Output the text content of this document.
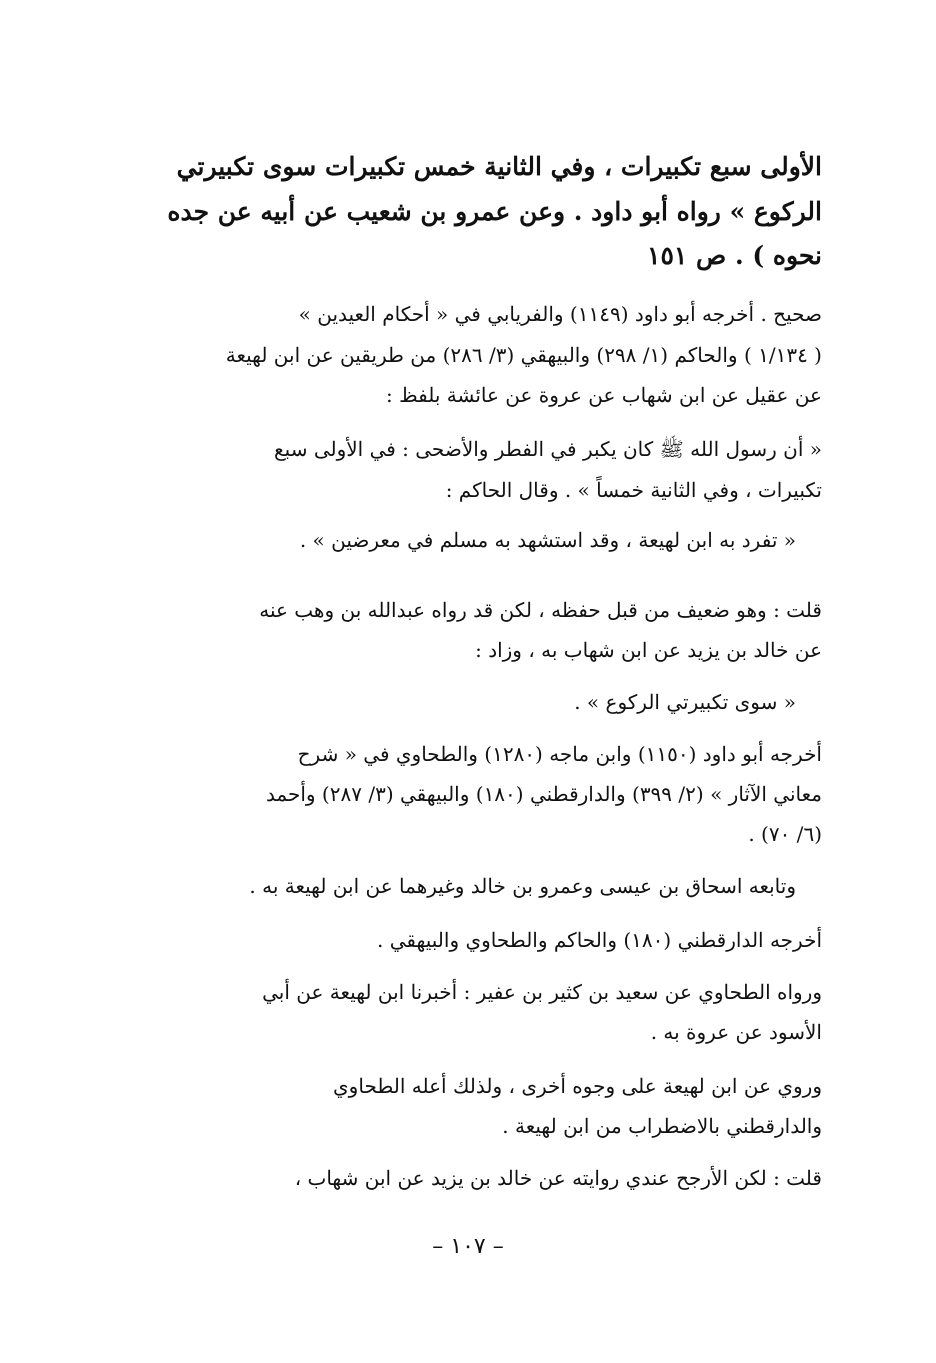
الأولى سبع تكبيرات ، وفي الثانية خمس تكبيرات سوى تكبيرتي
الركوع » رواه أبو داود . وعن عمرو بن شعيب عن أبيه عن جده
نحوه ) . ص ١٥١
صحيح . أخرجه أبو داود (١١٤٩) والفريابي في « أحكام العيدين »
( ١/١٣٤ ) والحاكم (١/ ٢٩٨) والبيهقي (٣/ ٢٨٦) من طريقين عن ابن لهيعة
عن عقيل عن ابن شهاب عن عروة عن عائشة بلفظ :
« أن رسول الله ﷺ كان يكبر في الفطر والأضحى : في الأولى سبع
تكبيرات ، وفي الثانية خمساً » . وقال الحاكم :
« تفرد به ابن لهيعة ، وقد استشهد به مسلم في معرضين » .
قلت : وهو ضعيف من قبل حفظه ، لكن قد رواه عبدالله بن وهب عنه
عن خالد بن يزيد عن ابن شهاب به ، وزاد :
« سوى تكبيرتي الركوع » .
أخرجه أبو داود (١١٥٠) وابن ماجه (١٢٨٠) والطحاوي في « شرح
معاني الآثار » (٢/ ٣٩٩) والدارقطني (١٨٠) والبيهقي (٣/ ٢٨٧) وأحمد
(٦/ ٧٠) .
وتابعه اسحاق بن عيسى وعمرو بن خالد وغيرهما عن ابن لهيعة به .
أخرجه الدارقطني (١٨٠) والحاكم والطحاوي والبيهقي .
ورواه الطحاوي عن سعيد بن كثير بن عفير : أخبرنا ابن لهيعة عن أبي
الأسود عن عروة به .
وروي عن ابن لهيعة على وجوه أخرى ، ولذلك أعله الطحاوي
والدارقطني بالاضطراب من ابن لهيعة .
قلت : لكن الأرجح عندي روايته عن خالد بن يزيد عن ابن شهاب ،
– ١٠٧ –
